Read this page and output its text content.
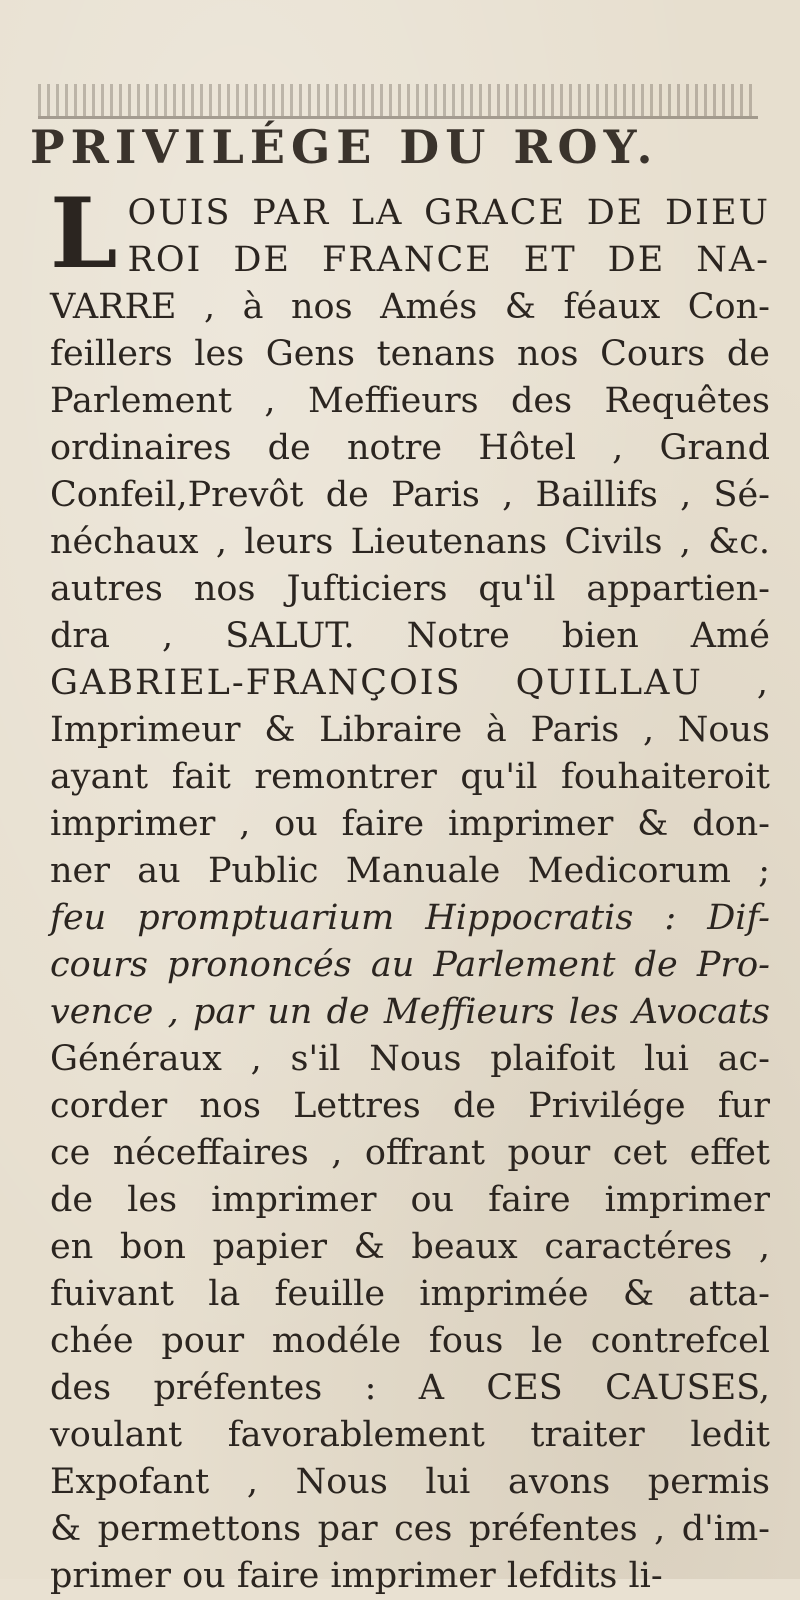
PRIVILÉGE DU ROY.
L OUIS PAR LA GRACE DE DIEU
ROI DE FRANCE ET DE NA-
VARRE , à nos Amés & féaux Con-
feillers les Gens tenans nos Cours de
Parlement , Meffieurs des Requêtes
ordinaires de notre Hôtel , Grand
Confeil,Prevôt de Paris , Baillifs , Sé-
néchaux , leurs Lieutenans Civils , &c.
autres nos Jufticiers qu'il appartien-
dra , SALUT. Notre bien Amé
GABRIEL-FRANÇOIS QUILLAU ,
Imprimeur & Libraire à Paris , Nous
ayant fait remontrer qu'il fouhaiteroit
imprimer , ou faire imprimer & don-
ner au Public Manuale Medicorum ;
feu promptuarium Hippocratis : Dif-
cours prononcés au Parlement de Pro-
vence , par un de Meffieurs les Avocats
Généraux , s'il Nous plaifoit lui ac-
corder nos Lettres de Privilége fur
ce néceffaires , offrant pour cet effet
de les imprimer ou faire imprimer
en bon papier & beaux caractéres ,
fuivant la feuille imprimée & atta-
chée pour modéle fous le contrefcel
des préfentes : A CES CAUSES,
voulant favorablement traiter ledit
Expofant , Nous lui avons permis
& permettons par ces préfentes , d'im-
primer ou faire imprimer lefdits li-
